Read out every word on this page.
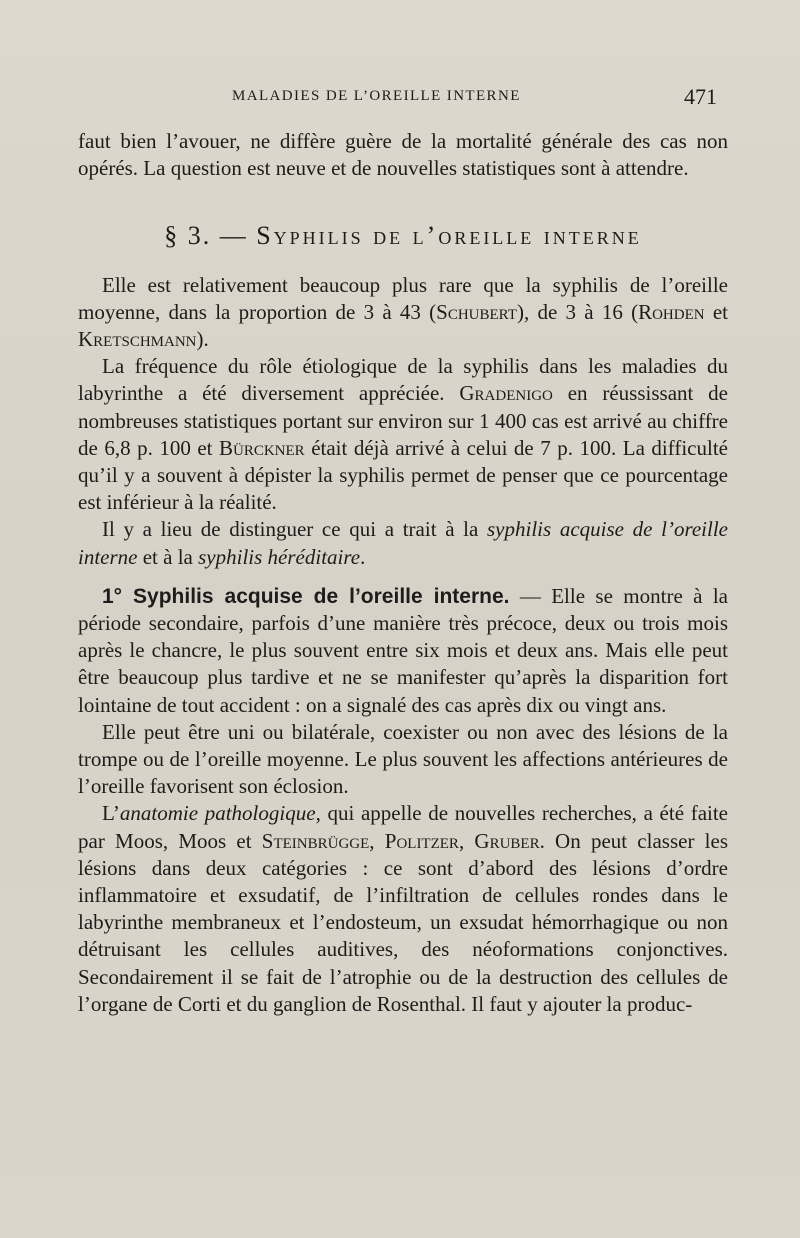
MALADIES DE L’OREILLE INTERNE	471

faut bien l’avouer, ne diffère guère de la mortalité générale des cas non opérés. La question est neuve et de nouvelles statistiques sont à attendre.

§ 3. — Syphilis de l’oreille interne

Elle est relativement beaucoup plus rare que la syphilis de l’oreille moyenne, dans la proportion de 3 à 43 (Schubert), de 3 à 16 (Rohden et Kretschmann).

La fréquence du rôle étiologique de la syphilis dans les maladies du labyrinthe a été diversement appréciée. Gradenigo en réussissant de nombreuses statistiques portant sur environ sur 1 400 cas est arrivé au chiffre de 6,8 p. 100 et Bürckner était déjà arrivé à celui de 7 p. 100. La difficulté qu’il y a souvent à dépister la syphilis permet de penser que ce pourcentage est inférieur à la réalité.

Il y a lieu de distinguer ce qui a trait à la syphilis acquise de l’oreille interne et à la syphilis héréditaire.

1° Syphilis acquise de l’oreille interne. — Elle se montre à la période secondaire, parfois d’une manière très précoce, deux ou trois mois après le chancre, le plus souvent entre six mois et deux ans. Mais elle peut être beaucoup plus tardive et ne se manifester qu’après la disparition fort lointaine de tout accident : on a signalé des cas après dix ou vingt ans.

Elle peut être uni ou bilatérale, coexister ou non avec des lésions de la trompe ou de l’oreille moyenne. Le plus souvent les affections antérieures de l’oreille favorisent son éclosion.

L’anatomie pathologique, qui appelle de nouvelles recherches, a été faite par Moos, Moos et Steinbrügge, Politzer, Gruber. On peut classer les lésions dans deux catégories : ce sont d’abord des lésions d’ordre inflammatoire et exsudatif, de l’infiltration de cellules rondes dans le labyrinthe membraneux et l’endosteum, un exsudat hémorrhagique ou non détruisant les cellules auditives, des néoformations conjonctives. Secondairement il se fait de l’atrophie ou de la destruction des cellules de l’organe de Corti et du ganglion de Rosenthal. Il faut y ajouter la produc-
